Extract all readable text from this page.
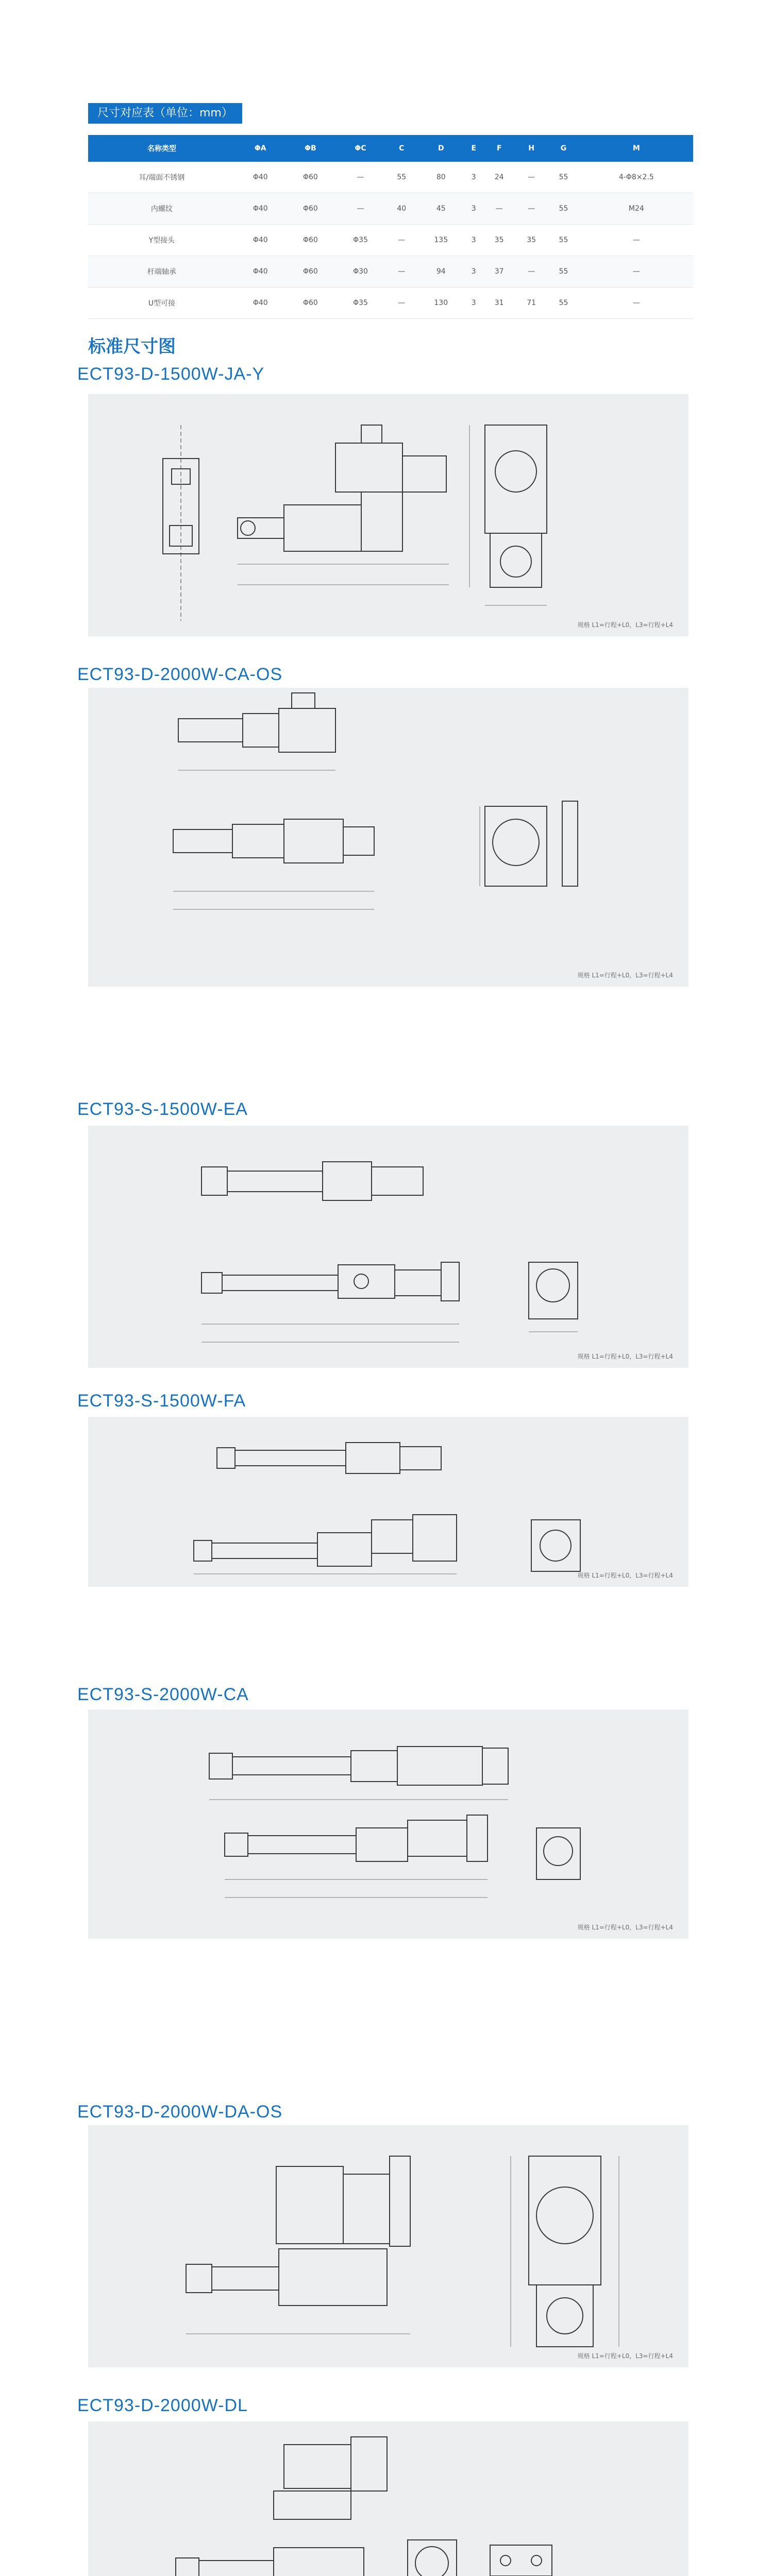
尺寸对应表（单位：mm）
名称类型	ΦA	ΦB	ΦC	C	D	E	F	H	G	M
耳/端面不锈钢	Φ40	Φ60	—	55	80	3	24	—	55	4-Φ8×2.5
内螺纹	Φ40	Φ60	—	40	45	3	—	—	55	M24
Y型接头	Φ40	Φ60	Φ35	—	135	3	35	35	55	—
杆端轴承	Φ40	Φ60	Φ30	—	94	3	37	—	55	—
U型可接	Φ40	Φ60	Φ35	—	130	3	31	71	55	—
标准尺寸图
ECT93-D-1500W-JA-Y
规格 L1=行程+L0，L3=行程+L4
ECT93-D-2000W-CA-OS
规格 L1=行程+L0，L3=行程+L4
ECT93-S-1500W-EA
规格 L1=行程+L0，L3=行程+L4
ECT93-S-1500W-FA
规格 L1=行程+L0，L3=行程+L4
ECT93-S-2000W-CA
规格 L1=行程+L0，L3=行程+L4
ECT93-D-2000W-DA-OS
规格 L1=行程+L0，L3=行程+L4
ECT93-D-2000W-DL
